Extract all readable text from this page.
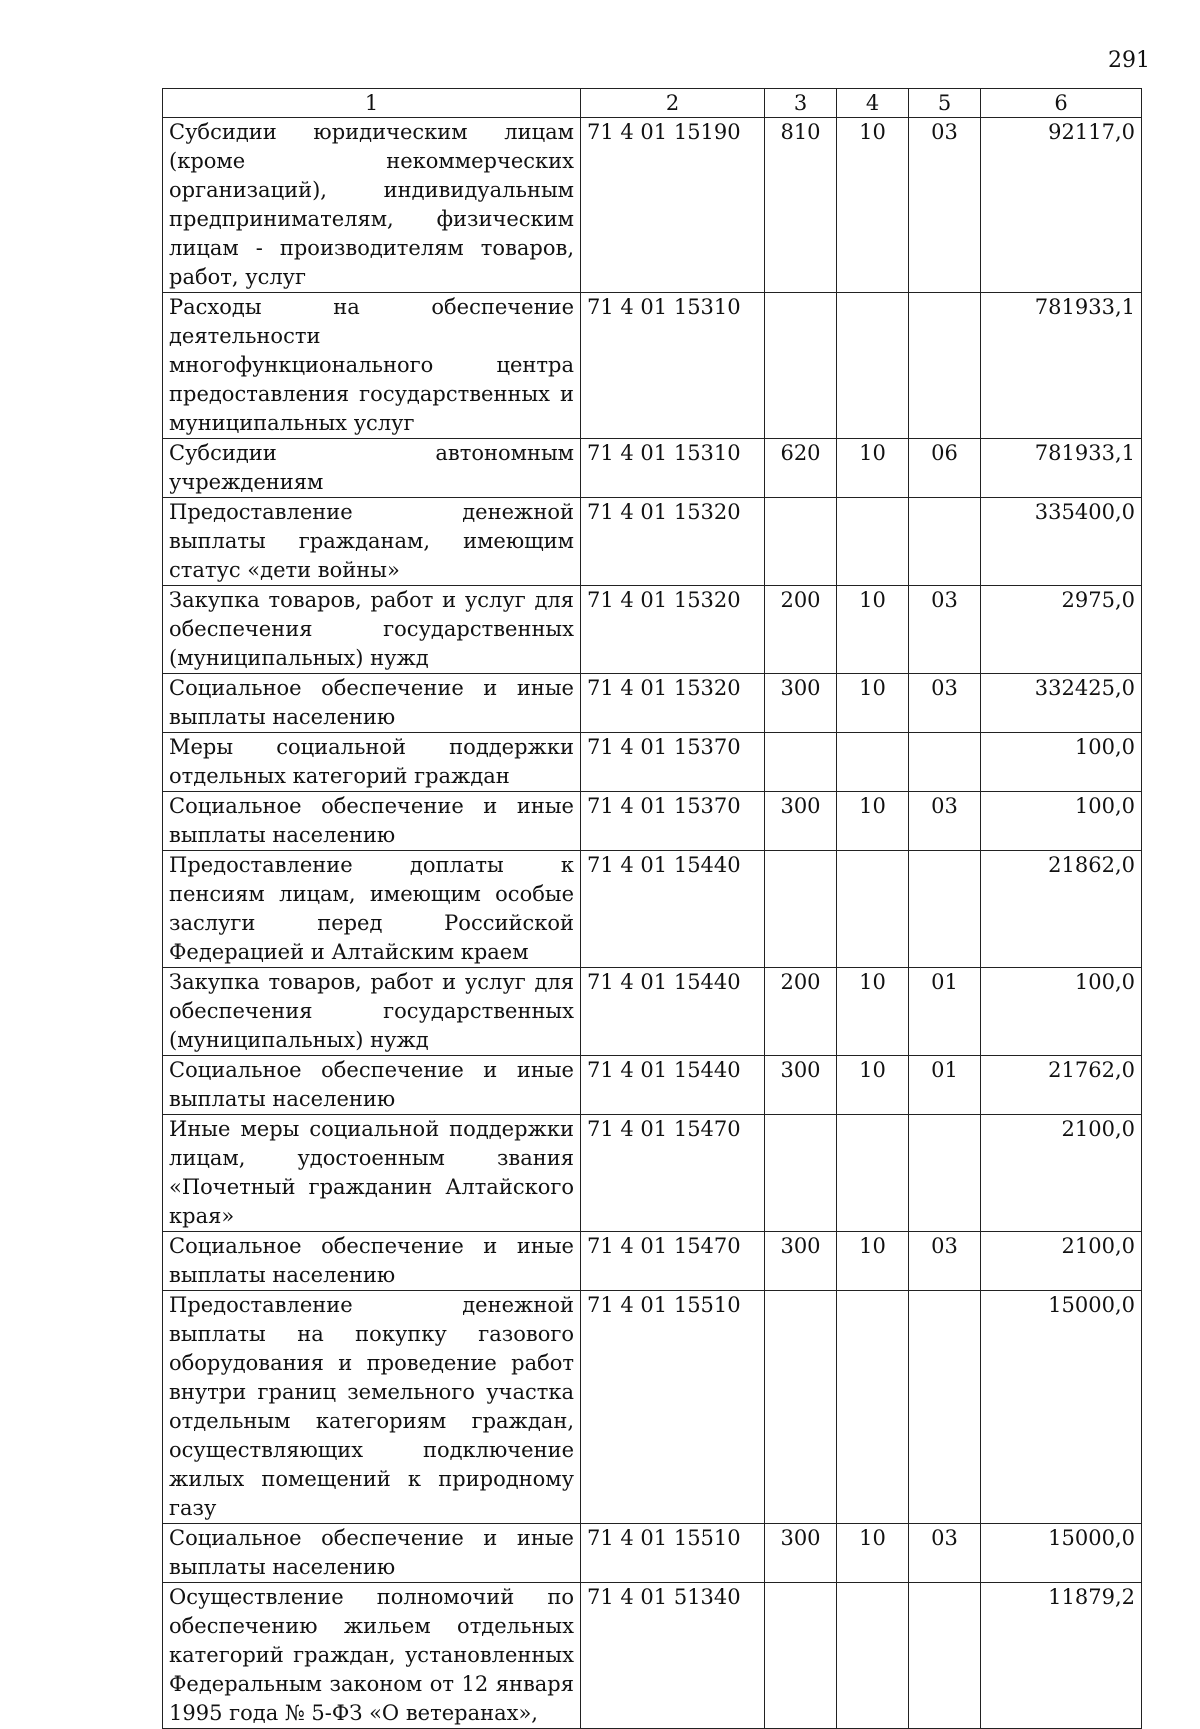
291
1	2	3	4	5	6
Субсидии юридическим лицам (кроме некоммерческих организаций), индивидуальным предпринимателям, физическим лицам - производителям товаров, работ, услуг	71 4 01 15190	810	10	03	92117,0
Расходы на обеспечение деятельности многофункционального центра предоставления государственных и муниципальных услуг	71 4 01 15310				781933,1
Субсидии автономным учреждениям	71 4 01 15310	620	10	06	781933,1
Предоставление денежной выплаты гражданам, имеющим статус «дети войны»	71 4 01 15320				335400,0
Закупка товаров, работ и услуг для обеспечения государственных (муниципальных) нужд	71 4 01 15320	200	10	03	2975,0
Социальное обеспечение и иные выплаты населению	71 4 01 15320	300	10	03	332425,0
Меры социальной поддержки отдельных категорий граждан	71 4 01 15370				100,0
Социальное обеспечение и иные выплаты населению	71 4 01 15370	300	10	03	100,0
Предоставление доплаты к пенсиям лицам, имеющим особые заслуги перед Российской Федерацией и Алтайским краем	71 4 01 15440				21862,0
Закупка товаров, работ и услуг для обеспечения государственных (муниципальных) нужд	71 4 01 15440	200	10	01	100,0
Социальное обеспечение и иные выплаты населению	71 4 01 15440	300	10	01	21762,0
Иные меры социальной поддержки лицам, удостоенным звания «Почетный гражданин Алтайского края»	71 4 01 15470				2100,0
Социальное обеспечение и иные выплаты населению	71 4 01 15470	300	10	03	2100,0
Предоставление денежной выплаты на покупку газового оборудования и проведение работ внутри границ земельного участка отдельным категориям граждан, осуществляющих подключение жилых помещений к природному газу	71 4 01 15510				15000,0
Социальное обеспечение и иные выплаты населению	71 4 01 15510	300	10	03	15000,0
Осуществление полномочий по обеспечению жильем отдельных категорий граждан, установленных Федеральным законом от 12 января 1995 года № 5-ФЗ «О ветеранах»,	71 4 01 51340				11879,2
